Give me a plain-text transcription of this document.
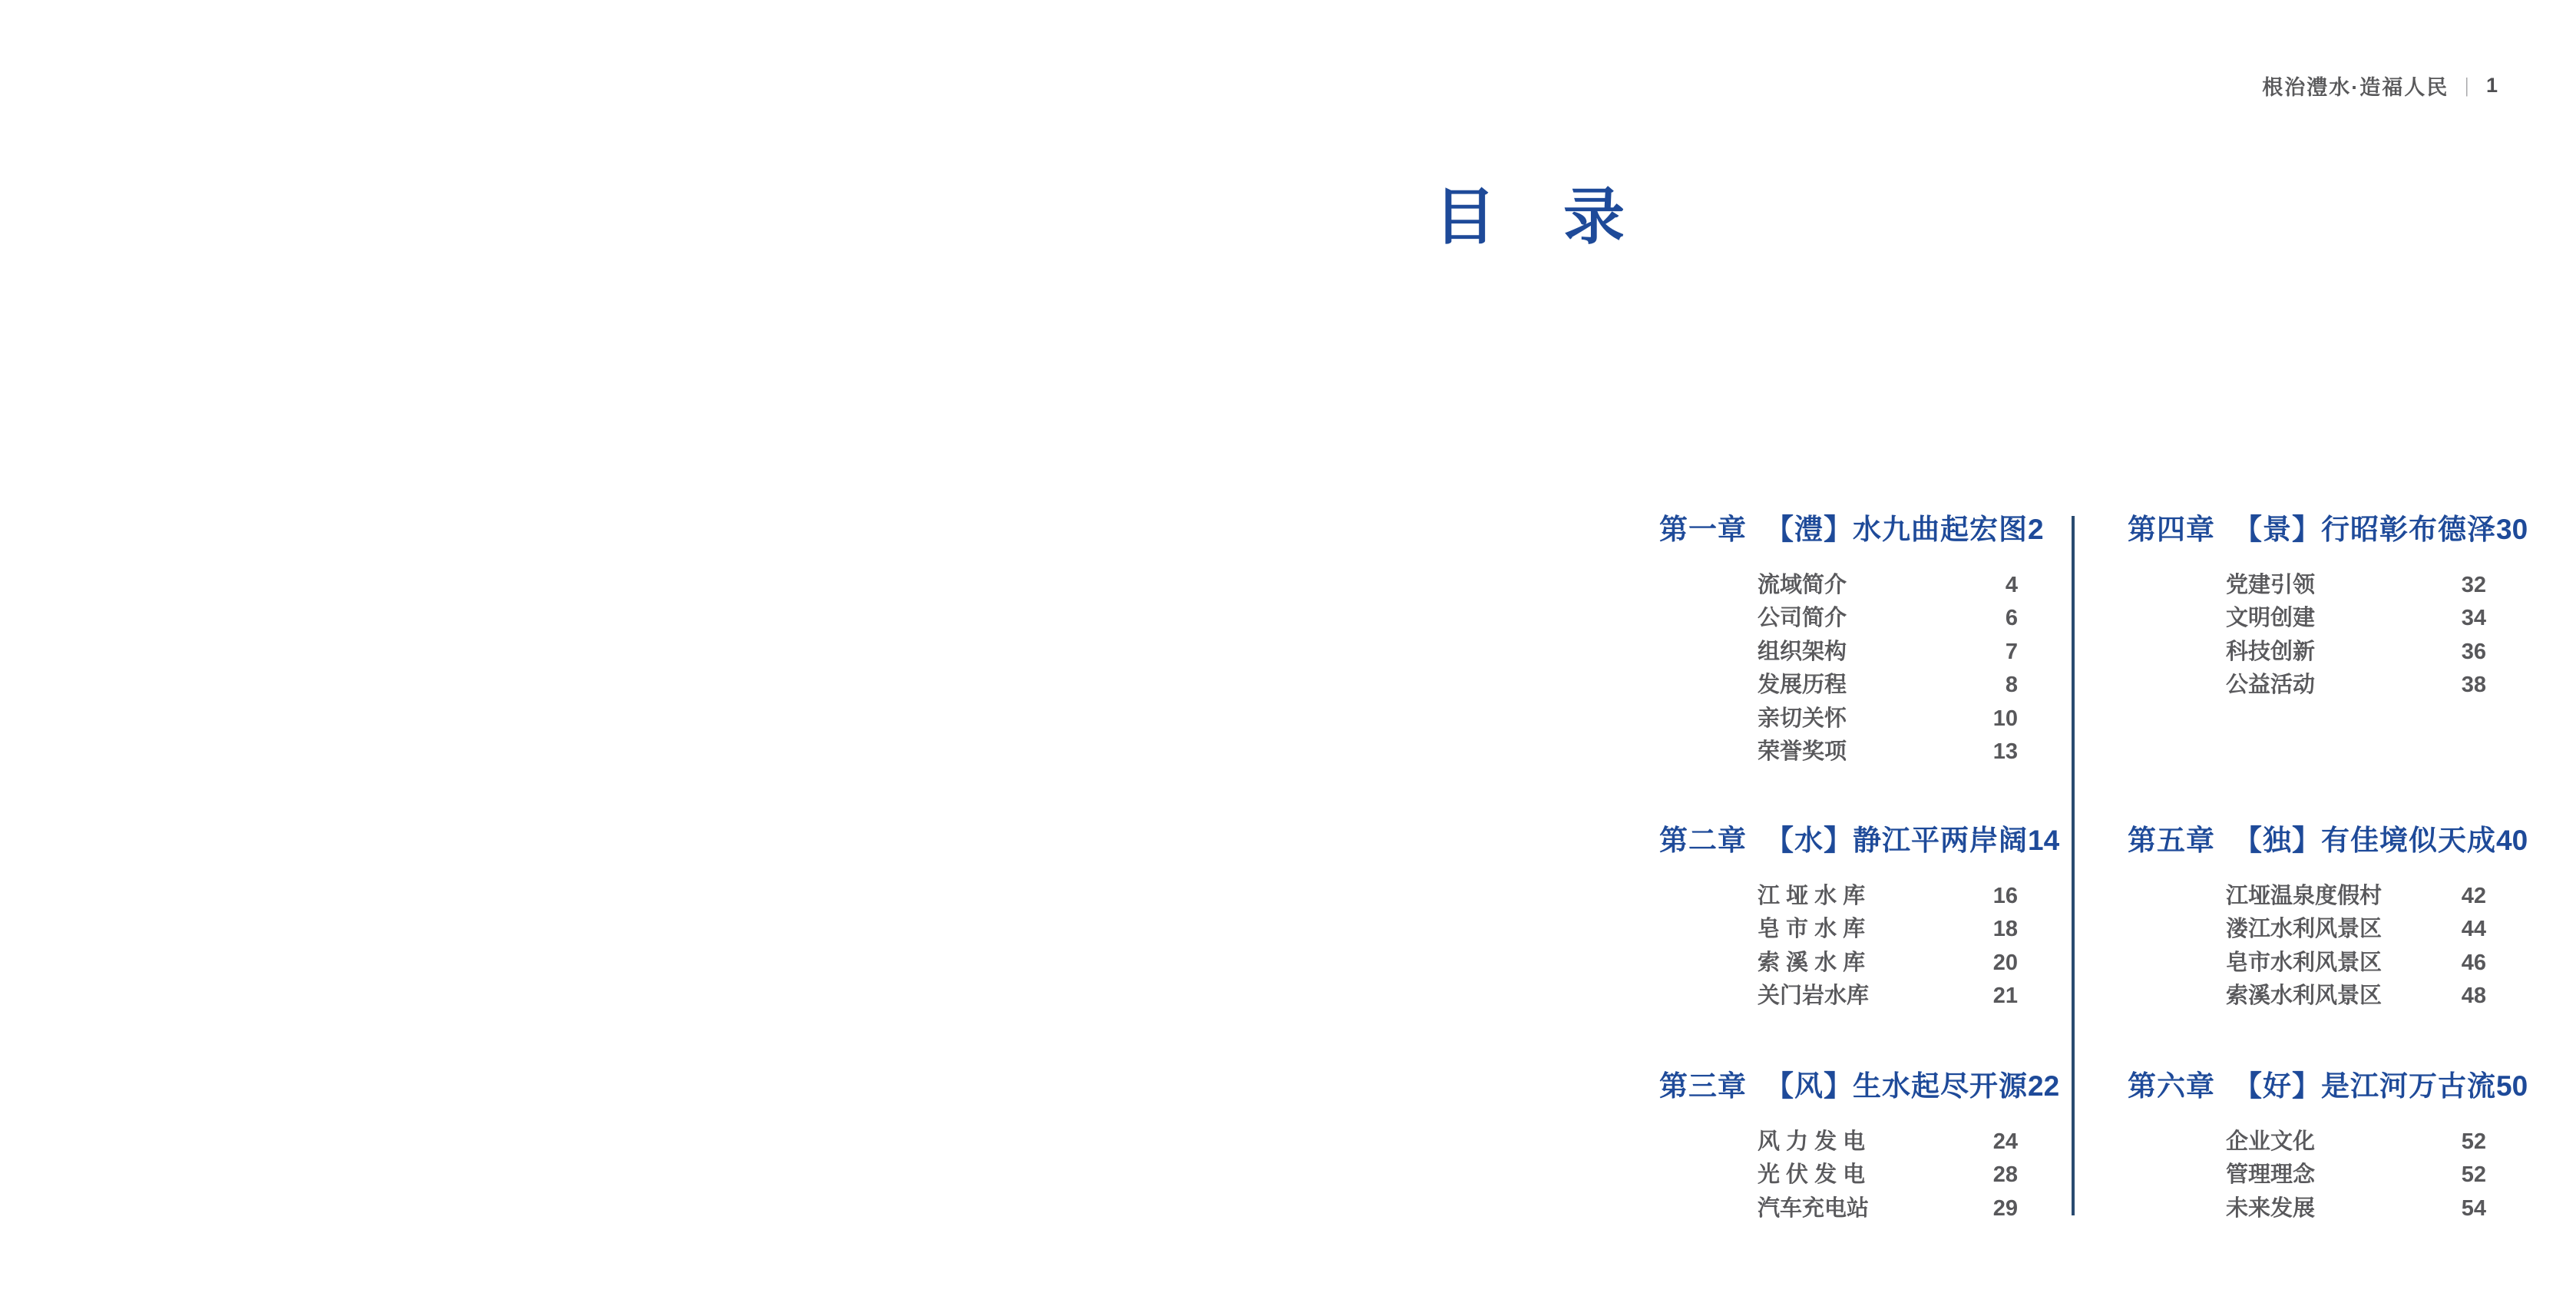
根治澧水·造福人民 | 1
目　录
第一章 【澧】水九曲起宏图 2
流域简介	4
公司简介	6
组织架构	7
发展历程	8
亲切关怀	10
荣誉奖项	13
第二章 【水】静江平两岸阔 14
江 垭 水 库	16
皂 市 水 库	18
索 溪 水 库	20
关门岩水库	21
第三章 【风】生水起尽开源 22
风 力 发 电	24
光 伏 发 电	28
汽车充电站	29
第四章 【景】行昭彰布德泽 30
党建引领	32
文明创建	34
科技创新	36
公益活动	38
第五章 【独】有佳境似天成 40
江垭温泉度假村	42
溇江水利风景区	44
皂市水利风景区	46
索溪水利风景区	48
第六章 【好】是江河万古流 50
企业文化	52
管理理念	52
未来发展	54
